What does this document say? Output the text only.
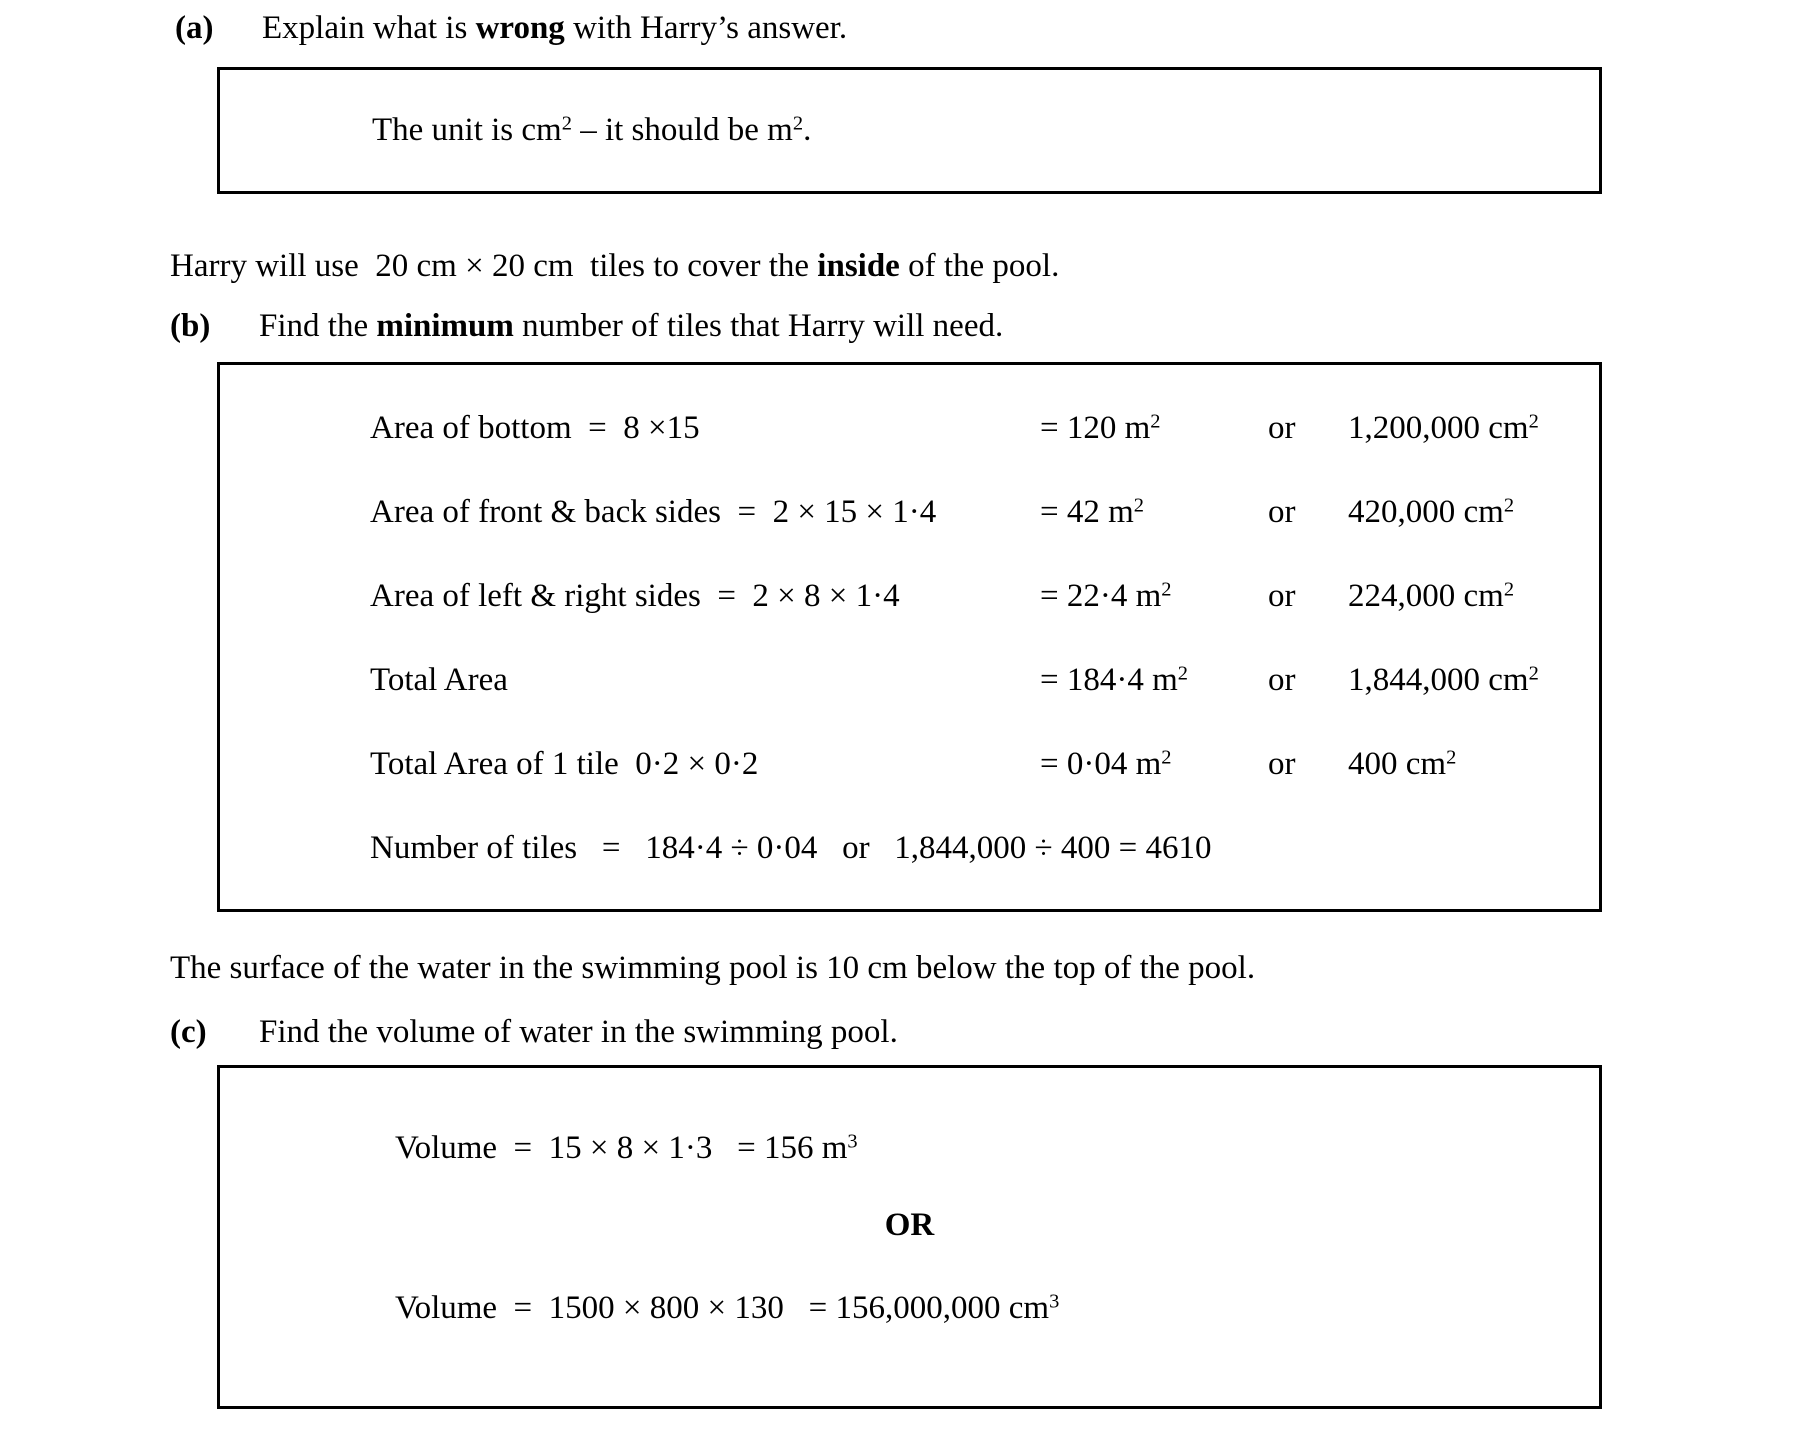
(a)	Explain what is wrong with Harry’s answer.
The unit is $cm^2$ – it should be $m^2$.
Harry will use  20 cm × 20 cm  tiles to cover the inside of the pool.
(b)	Find the minimum number of tiles that Harry will need.
Area of bottom  =  8 ×15	= 120 $m^2$	or	1,200,000 $cm^2$
Area of front & back sides  =  2 × 15 × 1·4	= 42 $m^2$	or	420,000 $cm^2$
Area of left & right sides  =  2 × 8 × 1·4	= 22·4 $m^2$	or	224,000 $cm^2$
Total Area	= 184·4 $m^2$	or	1,844,000 $cm^2$
Total Area of 1 tile  0·2 × 0·2	= 0·04 $m^2$	or	400 $cm^2$
Number of tiles   =   184·4 ÷ 0·04   or   1,844,000 ÷ 400 = 4610
The surface of the water in the swimming pool is 10 cm below the top of the pool.
(c)	Find the volume of water in the swimming pool.
Volume  =  15 × 8 × 1·3   = 156 $m^3$
OR
Volume  =  1500 × 800 × 130   = 156,000,000 $cm^3$
